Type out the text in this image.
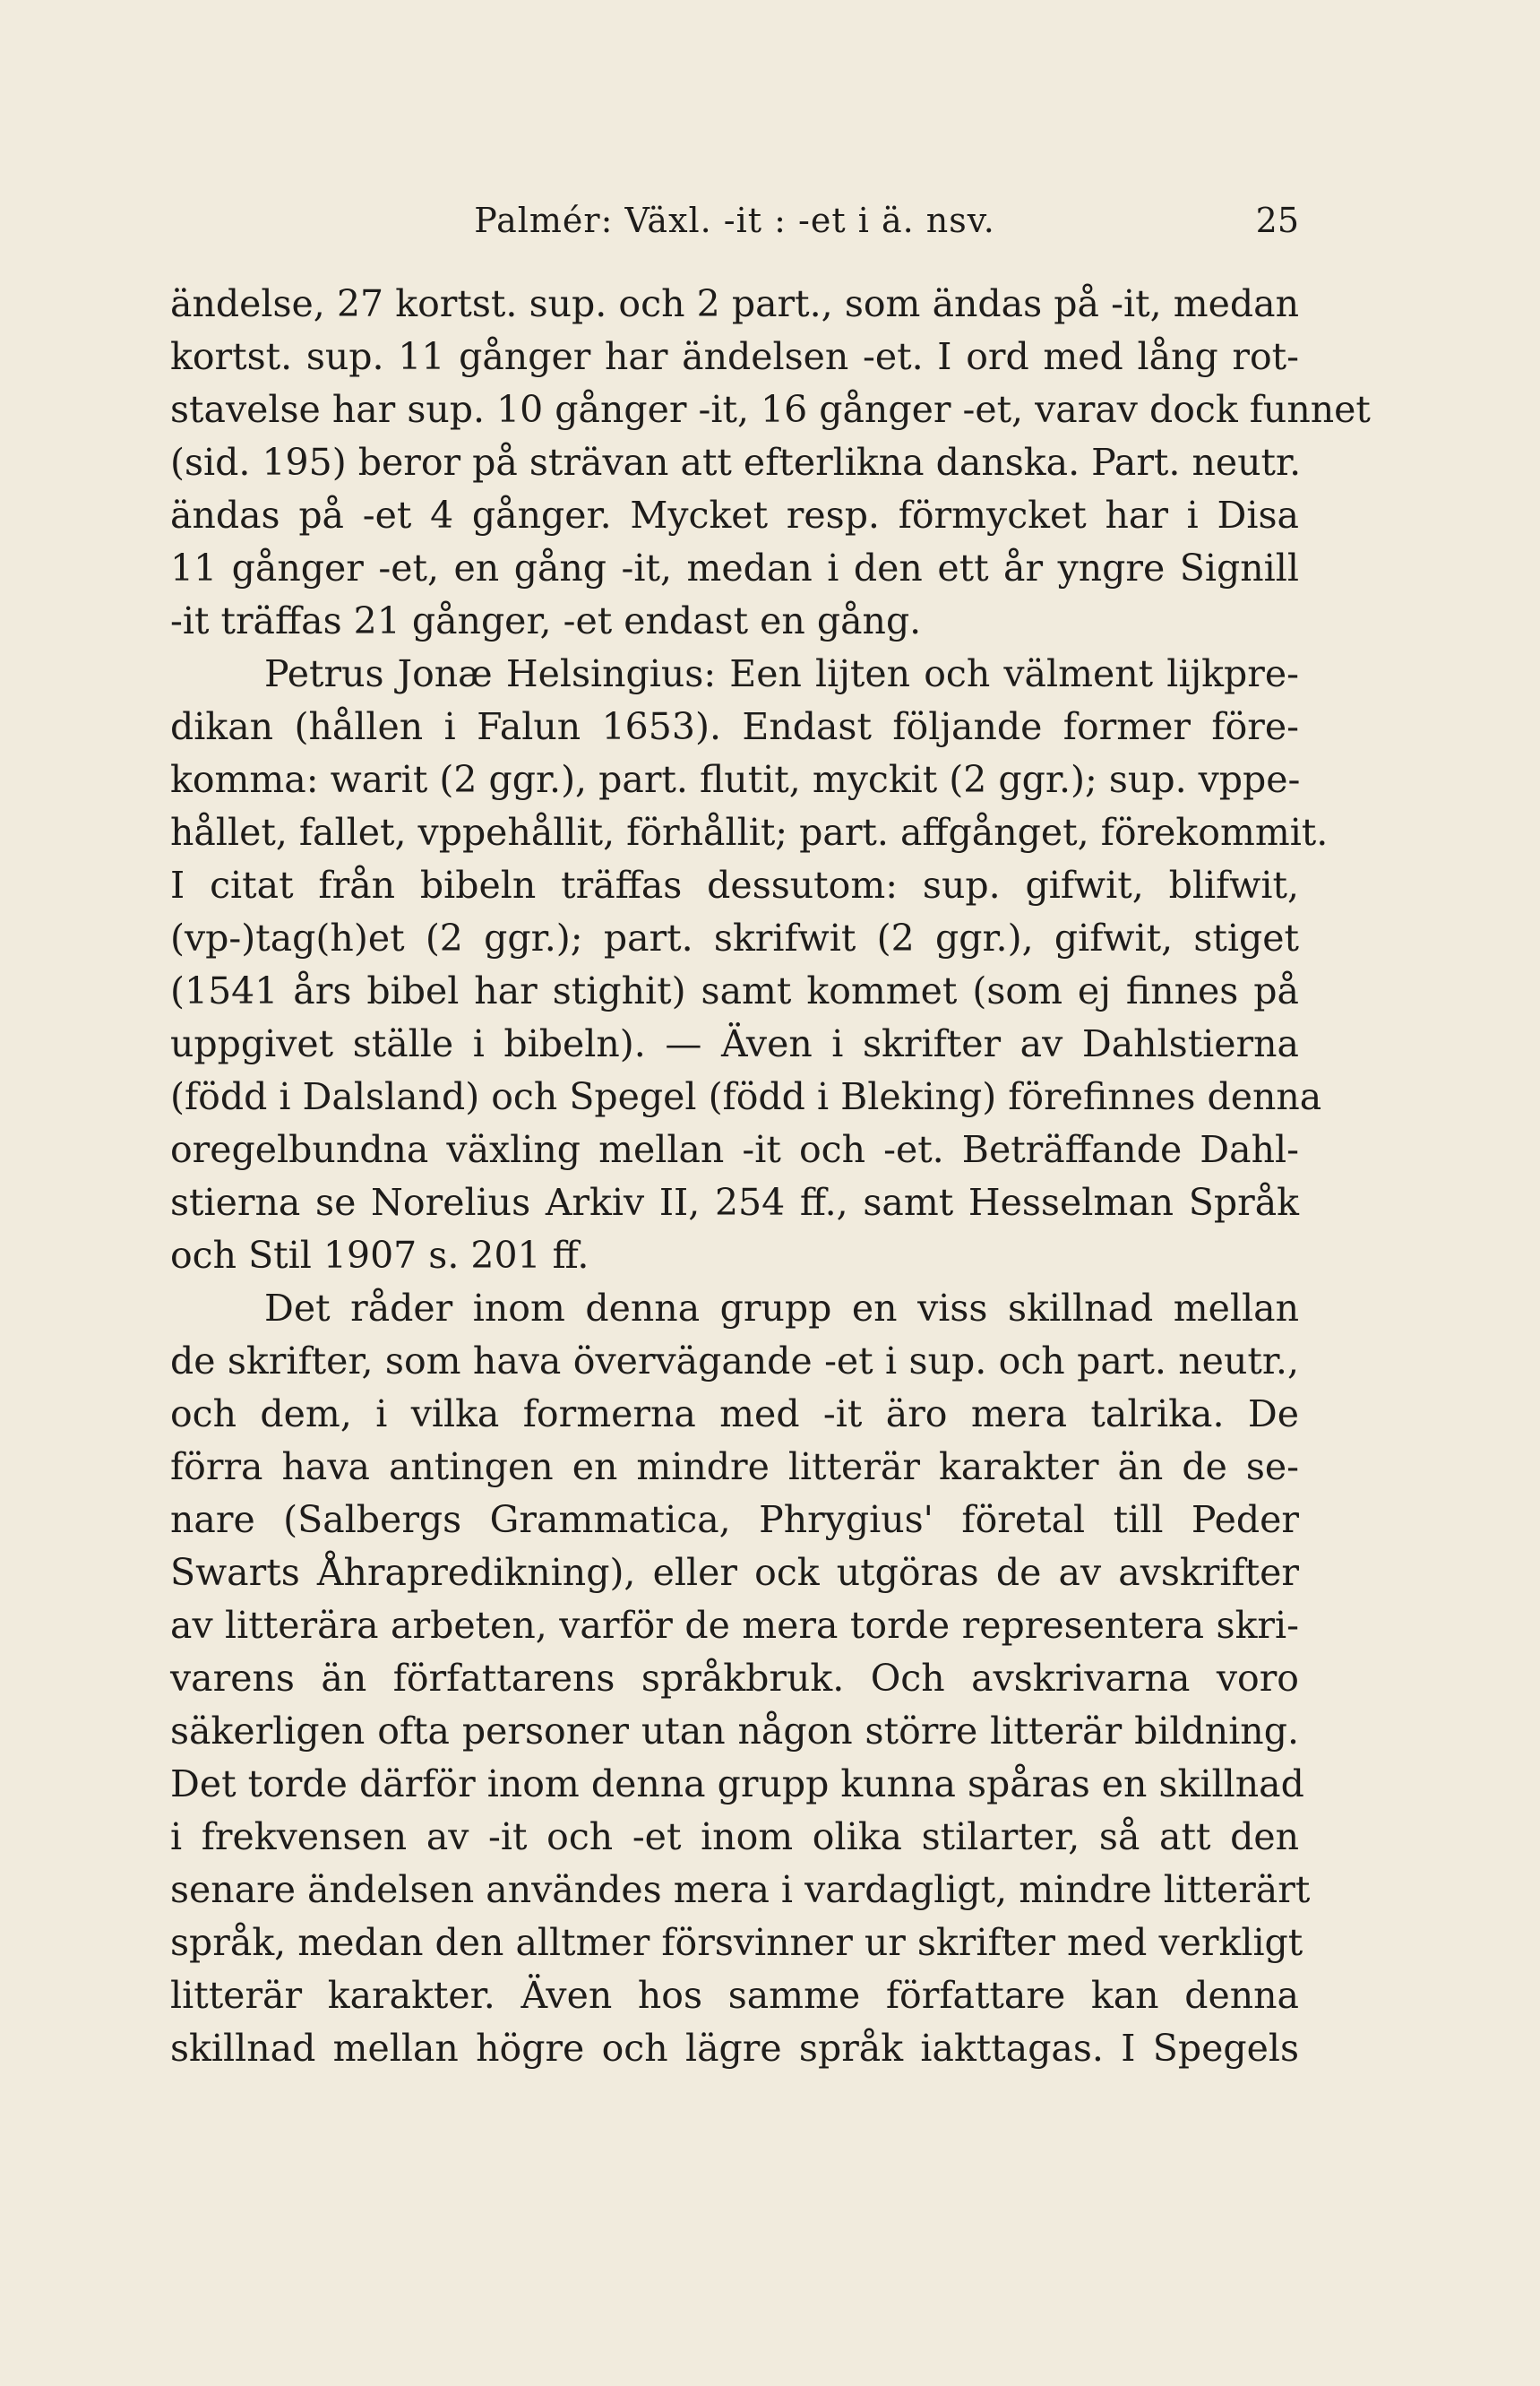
Palmér: Växl. -it : -et i ä. nsv.	25
ändelse, 27 kortst. sup. och 2 part., som ändas på -it, medan
kortst. sup. 11 gånger har ändelsen -et. I ord med lång rot-
stavelse har sup. 10 gånger -it, 16 gånger -et, varav dock funnet
(sid. 195) beror på strävan att efterlikna danska. Part. neutr.
ändas på -et 4 gånger. Mycket resp. förmycket har i Disa
11 gånger -et, en gång -it, medan i den ett år yngre Signill
-it träffas 21 gånger, -et endast en gång.
Petrus Jonæ Helsingius: Een lijten och välment lijkpre-
dikan (hållen i Falun 1653). Endast följande former före-
komma: warit (2 ggr.), part. flutit, myckit (2 ggr.); sup. vppe-
hållet, fallet, vppehållit, förhållit; part. affgånget, förekommit.
I citat från bibeln träffas dessutom: sup. gifwit, blifwit,
(vp-)tag(h)et (2 ggr.); part. skrifwit (2 ggr.), gifwit, stiget
(1541 års bibel har stighit) samt kommet (som ej finnes på
uppgivet ställe i bibeln). — Även i skrifter av Dahlstierna
(född i Dalsland) och Spegel (född i Bleking) förefinnes denna
oregelbundna växling mellan -it och -et. Beträffande Dahl-
stierna se Norelius Arkiv II, 254 ff., samt Hesselman Språk
och Stil 1907 s. 201 ff.
Det råder inom denna grupp en viss skillnad mellan
de skrifter, som hava övervägande -et i sup. och part. neutr.,
och dem, i vilka formerna med -it äro mera talrika. De
förra hava antingen en mindre litterär karakter än de se-
nare (Salbergs Grammatica, Phrygius' företal till Peder
Swarts Åhrapredikning), eller ock utgöras de av avskrifter
av litterära arbeten, varför de mera torde representera skri-
varens än författarens språkbruk. Och avskrivarna voro
säkerligen ofta personer utan någon större litterär bildning.
Det torde därför inom denna grupp kunna spåras en skillnad
i frekvensen av -it och -et inom olika stilarter, så att den
senare ändelsen användes mera i vardagligt, mindre litterärt
språk, medan den alltmer försvinner ur skrifter med verkligt
litterär karakter. Även hos samme författare kan denna
skillnad mellan högre och lägre språk iakttagas. I Spegels
